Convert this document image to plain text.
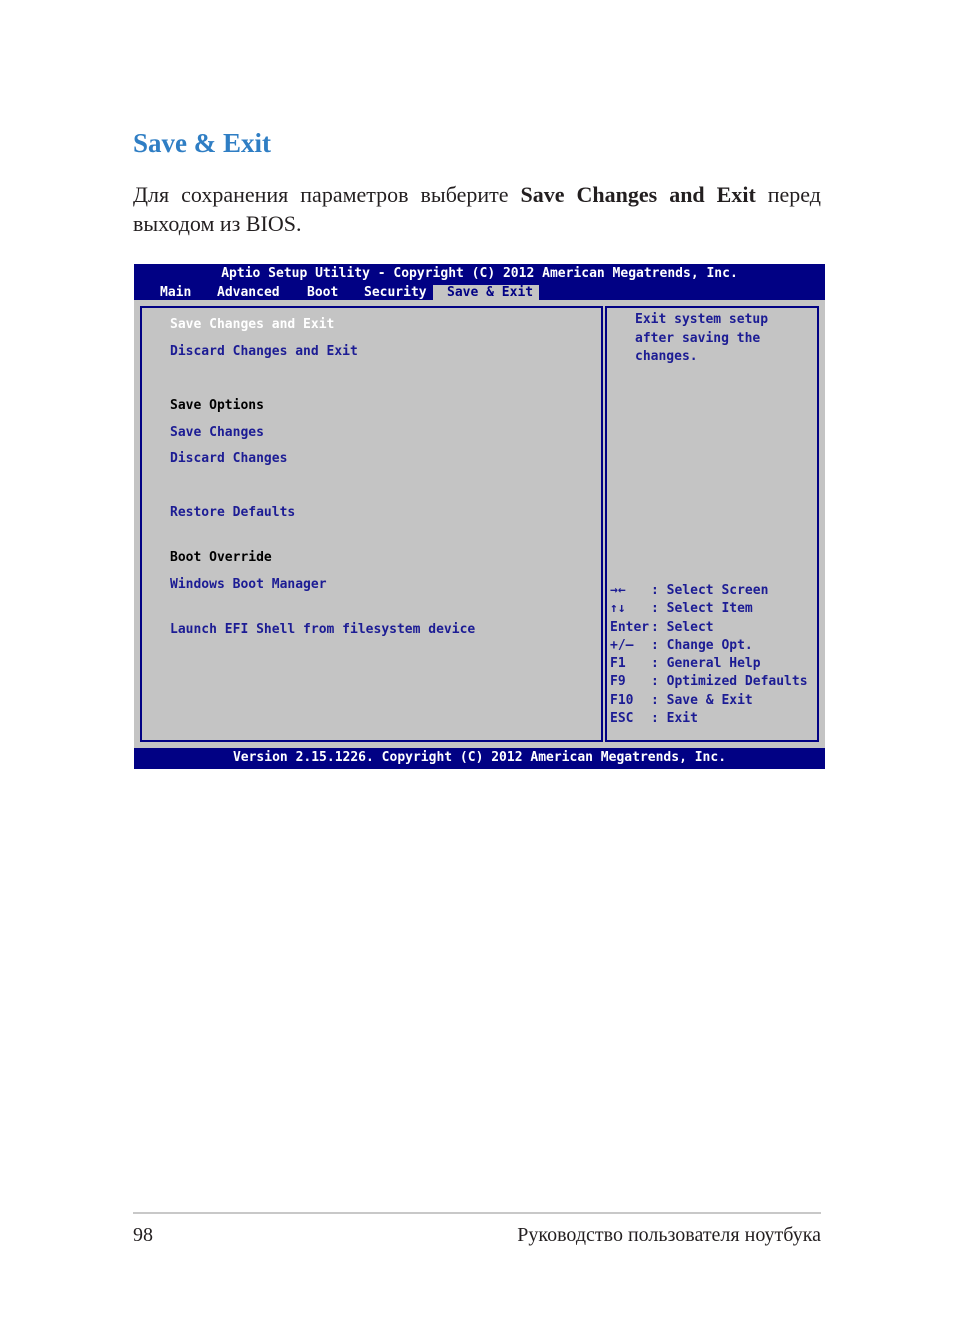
Save & Exit

Для сохранения параметров выберите Save Changes and Exit перед выходом из BIOS.

Aptio Setup Utility - Copyright (C) 2012 American Megatrends, Inc.
Main Advanced Boot Security	Save & Exit
Save Changes and Exit
Discard Changes and Exit
Save Options
Save Changes
Discard Changes
Restore Defaults
Boot Override
Windows Boot Manager
Launch EFI Shell from filesystem device
Exit system setup
after saving the
changes.
→← : Select Screen
↑↓ : Select Item
Enter : Select
+/— : Change Opt.
F1 : General Help
F9 : Optimized Defaults
F10 : Save & Exit
ESC : Exit
Version 2.15.1226. Copyright (C) 2012 American Megatrends, Inc.
98	Руководство пользователя ноутбука
